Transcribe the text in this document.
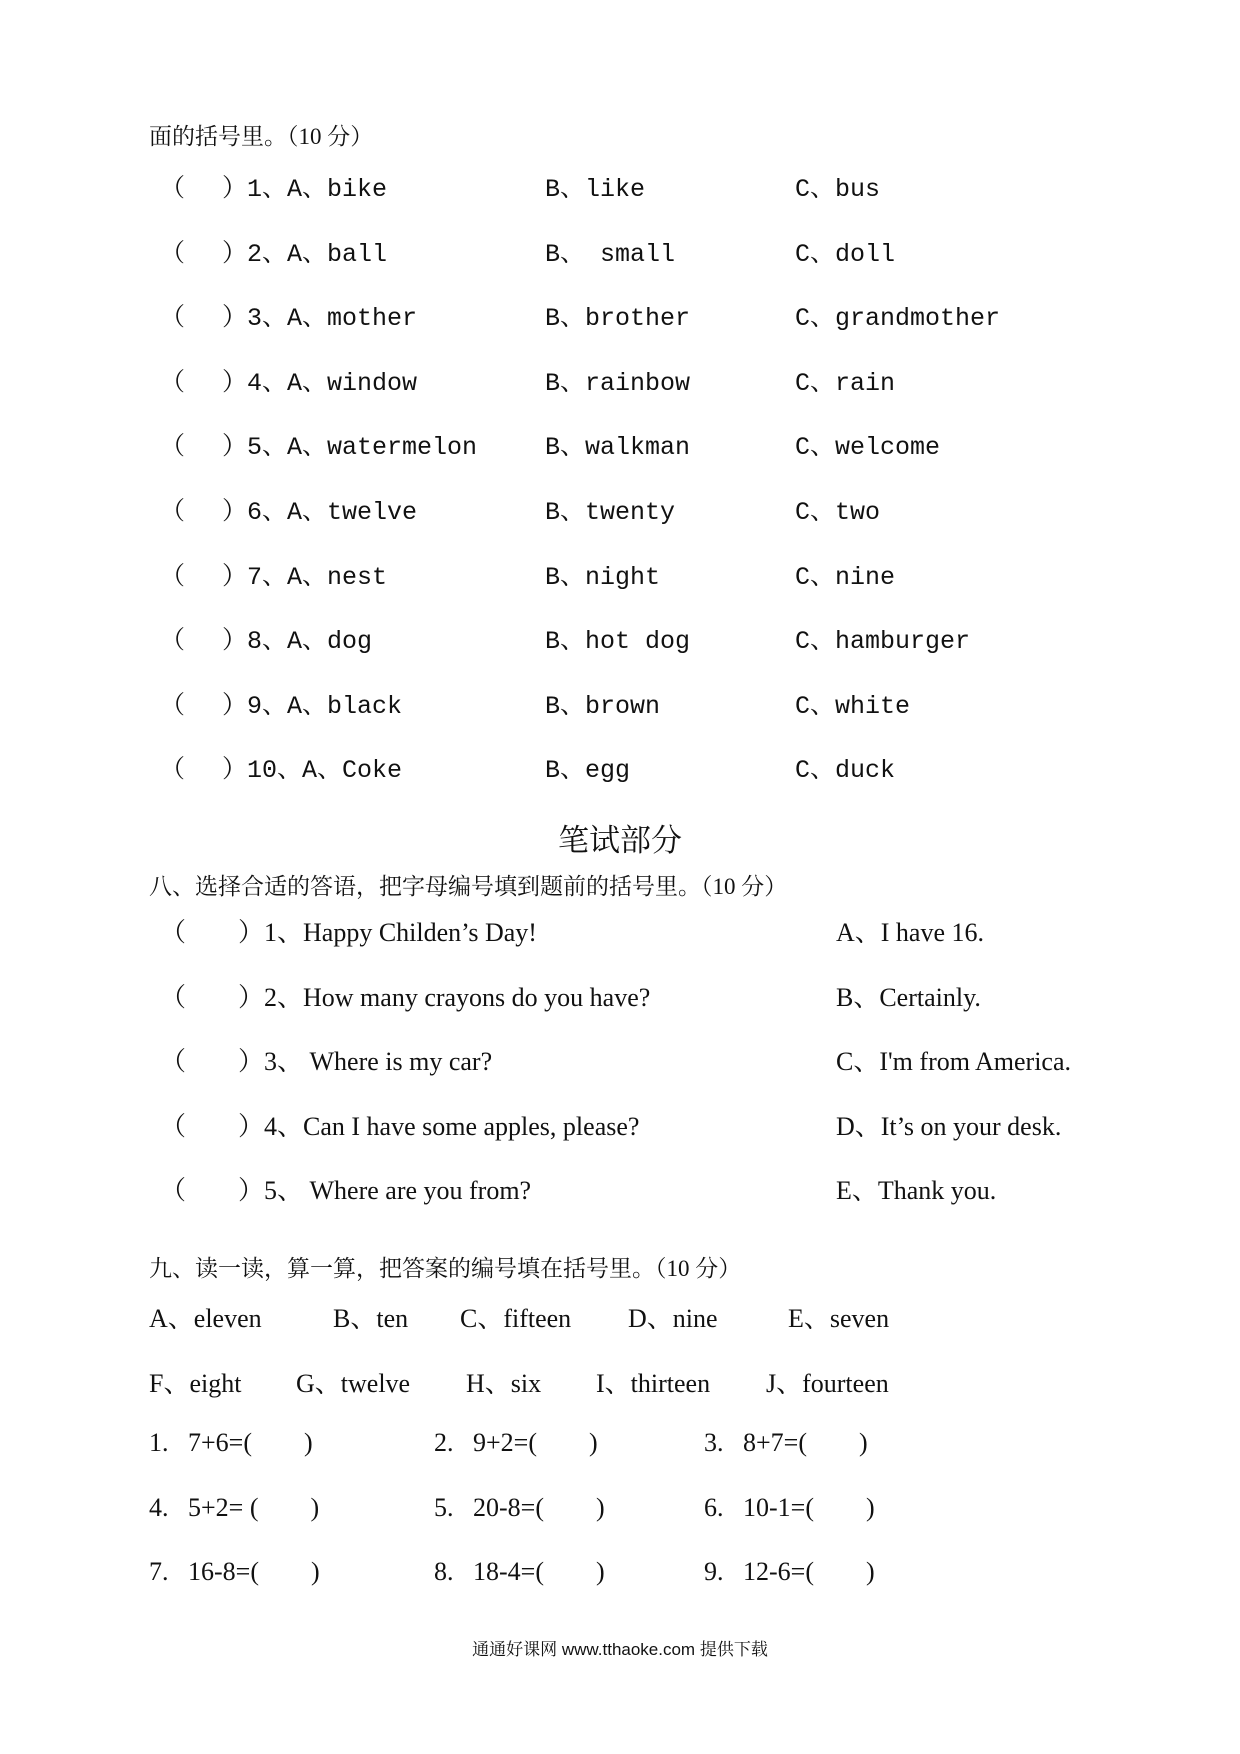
面的括号里。（10 分）
（ ）1、A、bike	B、like	C、bus
（ ）2、A、ball	B、 small	C、doll
（ ）3、A、mother	B、brother	C、grandmother
（ ）4、A、window	B、rainbow	C、rain
（ ）5、A、watermelon	B、walkman	C、welcome
（ ）6、A、twelve	B、twenty	C、two
（ ）7、A、nest	B、night	C、nine
（ ）8、A、dog	B、hot dog	C、hamburger
（ ）9、A、black	B、brown	C、white
（ ）10、A、Coke	B、egg	C、duck
笔试部分
八、选择合适的答语，把字母编号填到题前的括号里。（10 分）
（ ）1、Happy Childen’s Day!	A、I have 16.
（ ）2、How many crayons do you have?	B、Certainly.
（ ）3、 Where is my car?	C、I'm from America.
（ ）4、Can I have some apples, please?	D、It’s on your desk.
（ ）5、 Where are you from?	E、Thank you.
九、读一读，算一算，把答案的编号填在括号里。（10 分）
A、eleven	B、ten C、fifteen D、nine	E、seven
F、eight G、twelve H、six I、thirteen J、fourteen
1.   7+6=(        )	2.   9+2=(        )	3.   8+7=(        )
4.   5+2= (        )	5.   20-8=(        )	6.   10-1=(        )
7.   16-8=(        )	8.   18-4=(        )	9.   12-6=(        )
通通好课网 www.tthaoke.com 提供下载
